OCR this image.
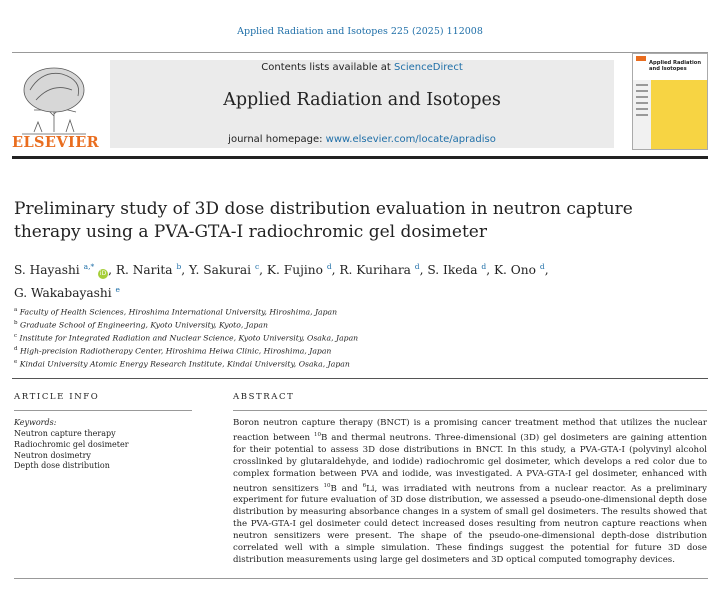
Applied Radiation and Isotopes 225 (2025) 112008
ELSEVIER
Contents lists available at ScienceDirect
Applied Radiation and Isotopes
journal homepage: www.elsevier.com/locate/apradiso
Applied Radiation and Isotopes
Preliminary study of 3D dose distribution evaluation in neutron capture therapy using a PVA-GTA-I radiochromic gel dosimeter
S. Hayashi $^{a,*}$ iD , R. Narita $^b$, Y. Sakurai $^c$, K. Fujino $^d$, R. Kurihara $^d$, S. Ikeda $^d$, K. Ono $^d$,
G. Wakabayashi $^e$
$^a$ Faculty of Health Sciences, Hiroshima International University, Hiroshima, Japan
$^b$ Graduate School of Engineering, Kyoto University, Kyoto, Japan
$^c$ Institute for Integrated Radiation and Nuclear Science, Kyoto University, Osaka, Japan
$^d$ High-precision Radiotherapy Center, Hiroshima Heiwa Clinic, Hiroshima, Japan
$^e$ Kindai University Atomic Energy Research Institute, Kindai University, Osaka, Japan
ARTICLE INFO
Keywords:
Neutron capture therapy
Radiochromic gel dosimeter
Neutron dosimetry
Depth dose distribution
ABSTRACT
Boron neutron capture therapy (BNCT) is a promising cancer treatment method that utilizes the nuclear reaction between $^{10}$B and thermal neutrons. Three-dimensional (3D) gel dosimeters are gaining attention for their potential to assess 3D dose distributions in BNCT. In this study, a PVA-GTA-I (polyvinyl alcohol crosslinked by glutaraldehyde, and iodide) radiochromic gel dosimeter, which develops a red color due to complex formation between PVA and iodide, was investigated. A PVA-GTA-I gel dosimeter, enhanced with neutron sensitizers $^{10}$B and $^6$Li, was irradiated with neutrons from a nuclear reactor. As a preliminary experiment for future evaluation of 3D dose distribution, we assessed a pseudo-one-dimensional depth dose distribution by measuring absorbance changes in a system of small gel dosimeters. The results showed that the PVA-GTA-I gel dosimeter could detect increased doses resulting from neutron capture reactions when neutron sensitizers were present. The shape of the pseudo-one-dimensional depth-dose distribution correlated well with a simple simulation. These findings suggest the potential for future 3D dose distribution measurements using large gel dosimeters and 3D optical computed tomography devices.
